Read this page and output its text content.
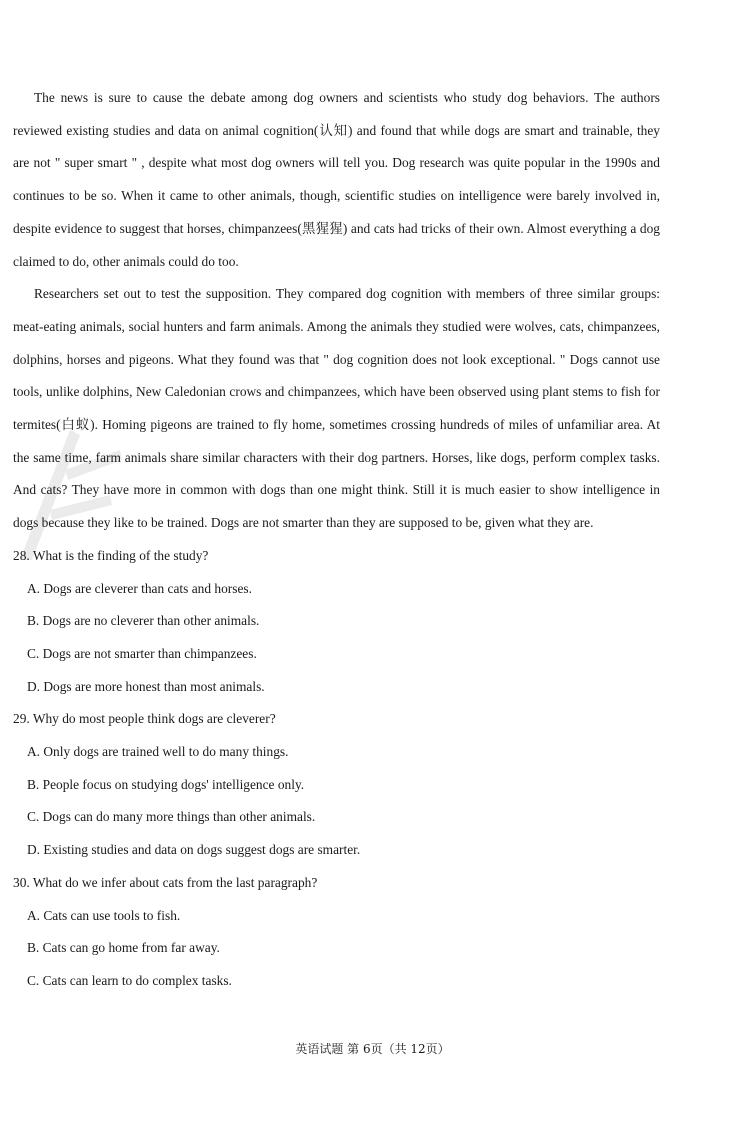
The news is sure to cause the debate among dog owners and scientists who study dog behaviors. The authors reviewed existing studies and data on animal cognition(认知) and found that while dogs are smart and trainable, they are not " super smart " , despite what most dog owners will tell you. Dog research was quite popular in the 1990s and continues to be so. When it came to other animals, though, scientific studies on intelligence were barely involved in, despite evidence to suggest that horses, chimpanzees(黑猩猩) and cats had tricks of their own. Almost everything a dog claimed to do, other animals could do too.

Researchers set out to test the supposition. They compared dog cognition with members of three similar groups: meat-eating animals, social hunters and farm animals. Among the animals they studied were wolves, cats, chimpanzees, dolphins, horses and pigeons. What they found was that " dog cognition does not look exceptional. " Dogs cannot use tools, unlike dolphins, New Caledonian crows and chimpanzees, which have been observed using plant stems to fish for termites(白蚁). Homing pigeons are trained to fly home, sometimes crossing hundreds of miles of unfamiliar area. At the same time, farm animals share similar characters with their dog partners. Horses, like dogs, perform complex tasks. And cats? They have more in common with dogs than one might think. Still it is much easier to show intelligence in dogs because they like to be trained. Dogs are not smarter than they are supposed to be, given what they are.

28. What is the finding of the study?

A. Dogs are cleverer than cats and horses.

B. Dogs are no cleverer than other animals.

C. Dogs are not smarter than chimpanzees.

D. Dogs are more honest than most animals.

29. Why do most people think dogs are cleverer?

A. Only dogs are trained well to do many things.

B. People focus on studying dogs' intelligence only.

C. Dogs can do many more things than other animals.

D. Existing studies and data on dogs suggest dogs are smarter.

30. What do we infer about cats from the last paragraph?

A. Cats can use tools to fish.

B. Cats can go home from far away.

C. Cats can learn to do complex tasks.

英语试题 第 6页（共 12页）
